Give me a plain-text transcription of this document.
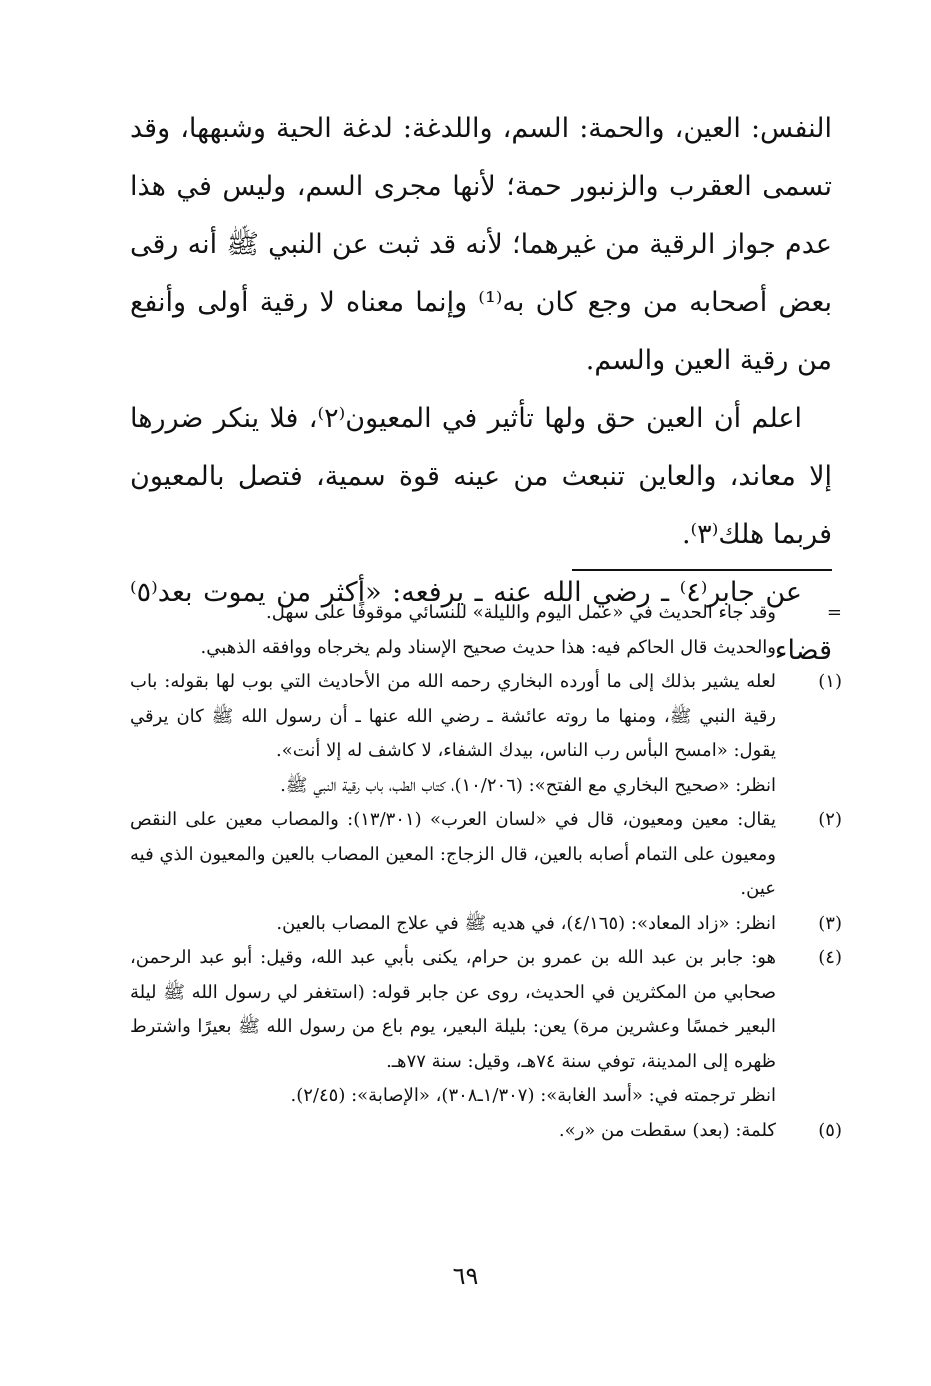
النفس: العين، والحمة: السم، واللدغة: لدغة الحية وشبهها، وقد تسمى العقرب والزنبور حمة؛ لأنها مجرى السم، وليس في هذا عدم جواز الرقية من غيرهما؛ لأنه قد ثبت عن النبي ﷺ أنه رقى بعض أصحابه من وجع كان به⁽¹⁾ وإنما معناه لا رقية أولى وأنفع من رقية العين والسم.

اعلم أن العين حق ولها تأثير في المعيون⁽٢⁾، فلا ينكر ضررها إلا معاند، والعاين تنبعث من عينه قوة سمية، فتصل بالمعيون فربما هلك⁽٣⁾.

عن جابر⁽٤⁾ ـ رضي الله عنه ـ يرفعه: «أكثر من يموت بعد⁽٥⁾ قضاء

=
وقد جاء الحديث في «عمل اليوم والليلة» للنسائي موقوفًا على سهل.
والحديث قال الحاكم فيه: هذا حديث صحيح الإسناد ولم يخرجاه ووافقه الذهبي.
(١)
لعله يشير بذلك إلى ما أورده البخاري رحمه الله من الأحاديث التي بوب لها بقوله: باب رقية النبي ﷺ، ومنها ما روته عائشة ـ رضي الله عنها ـ أن رسول الله ﷺ كان يرقي يقول: «امسح البأس رب الناس، بيدك الشفاء، لا كاشف له إلا أنت».
انظر: «صحيح البخاري مع الفتح»: (١٠/٢٠٦)، كتاب الطب، باب رقية النبي ﷺ.
(٢)
يقال: معين ومعيون، قال في «لسان العرب» (١٣/٣٠١): والمصاب معين على النقص ومعيون على التمام أصابه بالعين، قال الزجاج: المعين المصاب بالعين والمعيون الذي فيه عين.
(٣)
انظر: «زاد المعاد»: (٤/١٦٥)، في هديه ﷺ في علاج المصاب بالعين.
(٤)
هو: جابر بن عبد الله بن عمرو بن حرام، يكنى بأبي عبد الله، وقيل: أبو عبد الرحمن، صحابي من المكثرين في الحديث، روى عن جابر قوله: (استغفر لي رسول الله ﷺ ليلة البعير خمسًا وعشرين مرة) يعن: بليلة البعير، يوم باع من رسول الله ﷺ بعيرًا واشترط ظهره إلى المدينة، توفي سنة ٧٤هـ، وقيل: سنة ٧٧هـ.
انظر ترجمته في: «أسد الغابة»: (١/٣٠٧ـ٣٠٨)، «الإصابة»: (٢/٤٥).
(٥)
كلمة: (بعد) سقطت من «ر».
٦٩
